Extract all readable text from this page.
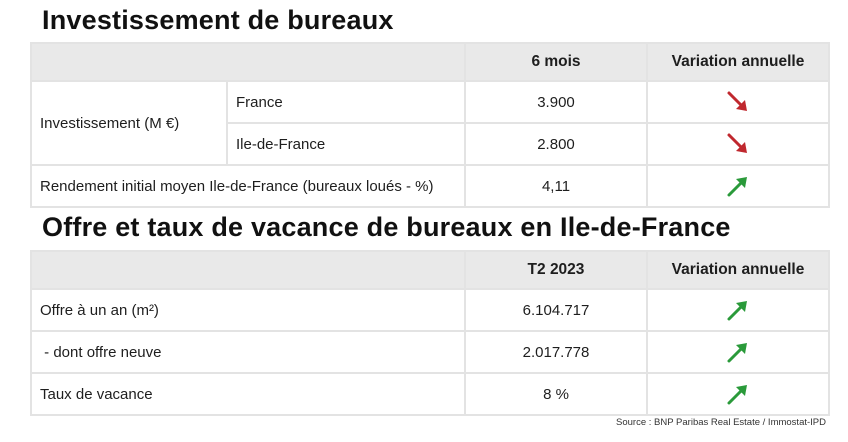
Investissement de bureaux
		6 mois	Variation annuelle
Investissement (M €)	France	3.900	
	Ile-de-France	2.800	
Rendement initial moyen Ile-de-France (bureaux loués - %)		4,11	
Offre et taux de vacance de bureaux en Ile-de-France
	T2 2023	Variation annuelle
Offre à un an (m²)	6.104.717	
- dont offre neuve	2.017.778	
Taux de vacance	8 %	
Source : BNP Paribas Real Estate / Immostat-IPD
